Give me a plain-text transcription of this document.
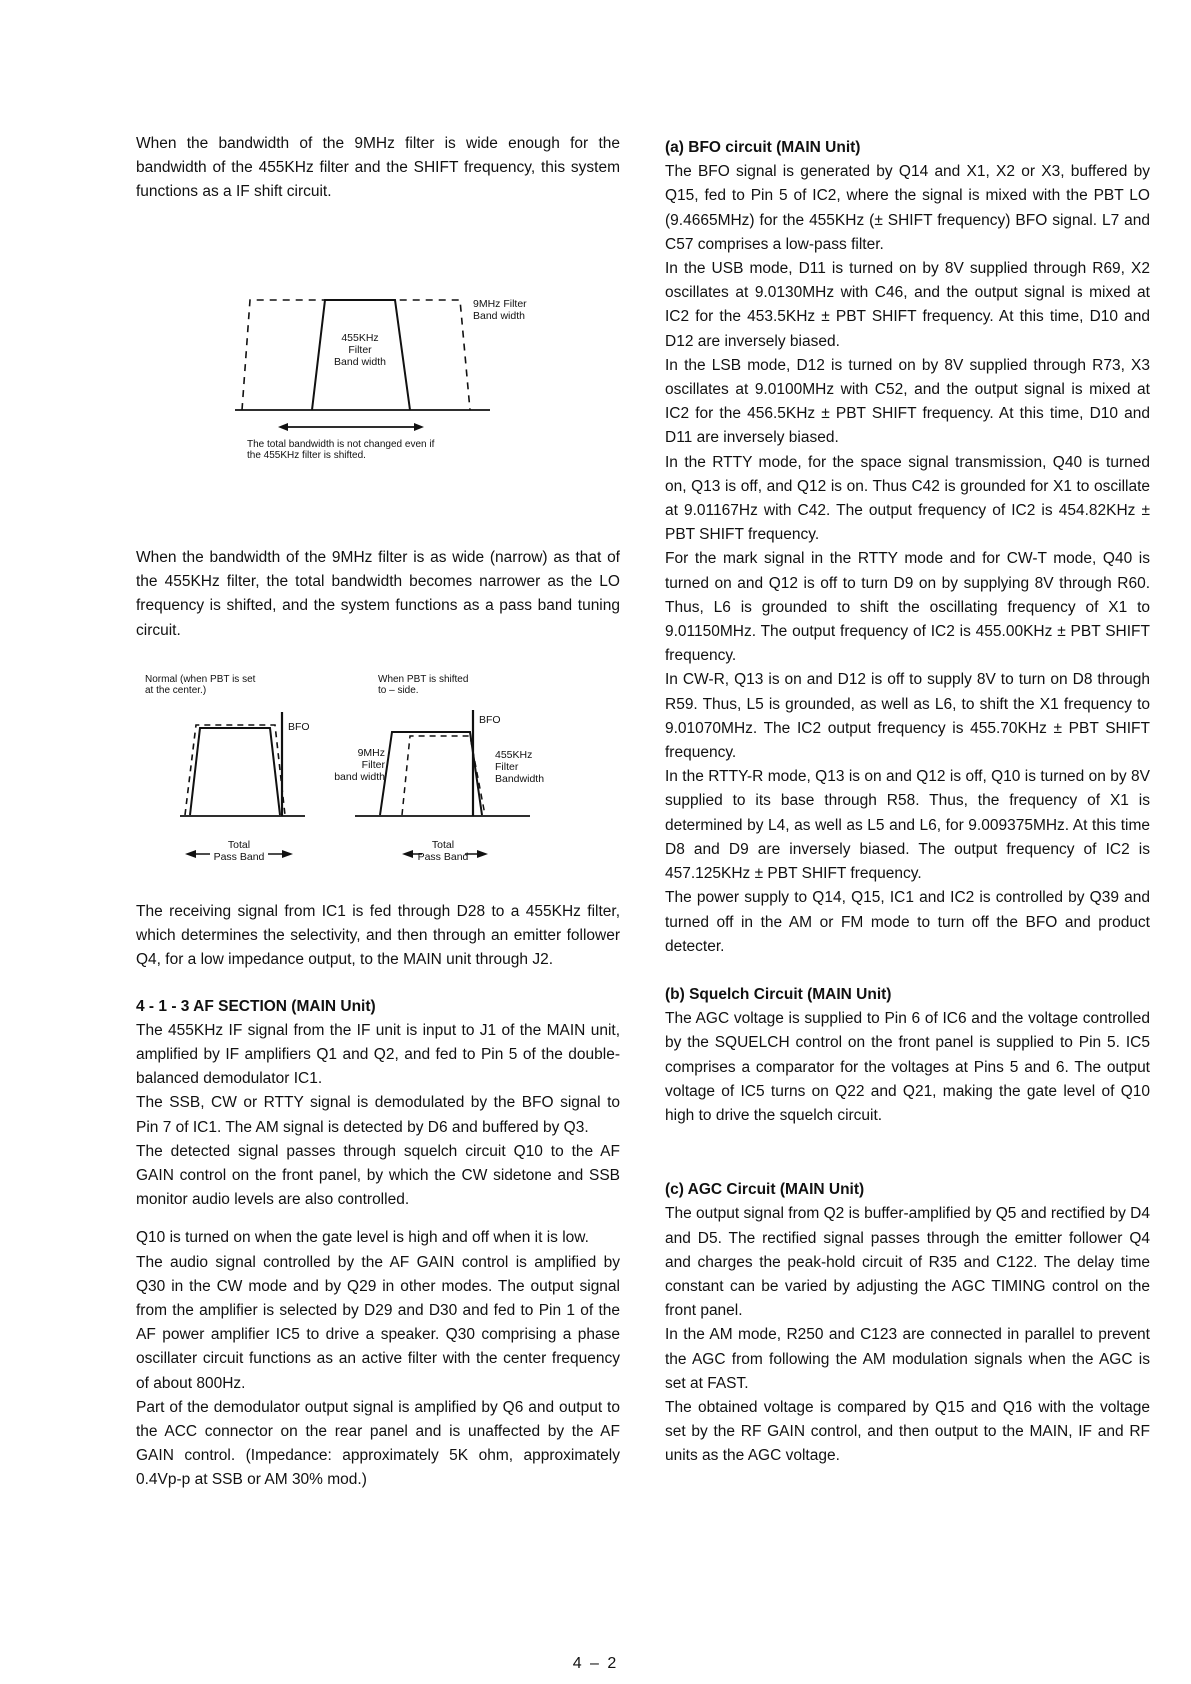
When the bandwidth of the 9MHz filter is wide enough for the bandwidth of the 455KHz filter and the SHIFT frequency, this system functions as a IF shift circuit.

9MHz Filter
Band width
455KHz
Filter
Band width
The total bandwidth is not changed even if
the 455KHz filter is shifted.

When the bandwidth of the 9MHz filter is as wide (narrow) as that of the 455KHz filter, the total bandwidth becomes narrower as the LO frequency is shifted, and the system functions as a pass band tuning circuit.

Normal (when PBT is set
at the center.)
When PBT is shifted
to – side.
BFO
Total
Pass Band
BFO
9MHz
Filter
band width
455KHz
Filter
Bandwidth
Total
Pass Band

The receiving signal from IC1 is fed through D28 to a 455KHz filter, which determines the selectivity, and then through an emitter follower Q4, for a low impedance output, to the MAIN unit through J2.

4 - 1 - 3 AF SECTION (MAIN Unit)

The 455KHz IF signal from the IF unit is input to J1 of the MAIN unit, amplified by IF amplifiers Q1 and Q2, and fed to Pin 5 of the double-balanced demodulator IC1.

The SSB, CW or RTTY signal is demodulated by the BFO signal to Pin 7 of IC1. The AM signal is detected by D6 and buffered by Q3.

The detected signal passes through squelch circuit Q10 to the AF GAIN control on the front panel, by which the CW sidetone and SSB monitor audio levels are also controlled.

Q10 is turned on when the gate level is high and off when it is low.

The audio signal controlled by the AF GAIN control is amplified by Q30 in the CW mode and by Q29 in other modes. The output signal from the amplifier is selected by D29 and D30 and fed to Pin 1 of the AF power amplifier IC5 to drive a speaker. Q30 comprising a phase oscillater circuit functions as an active filter with the center frequency of about 800Hz.

Part of the demodulator output signal is amplified by Q6 and output to the ACC connector on the rear panel and is unaffected by the AF GAIN control. (Impedance: approximately 5K ohm, approximately 0.4Vp-p at SSB or AM 30% mod.)

(a) BFO circuit (MAIN Unit)

The BFO signal is generated by Q14 and X1, X2 or X3, buffered by Q15, fed to Pin 5 of IC2, where the signal is mixed with the PBT LO (9.4665MHz) for the 455KHz (± SHIFT frequency) BFO signal. L7 and C57 comprises a low-pass filter.

In the USB mode, D11 is turned on by 8V supplied through R69, X2 oscillates at 9.0130MHz with C46, and the output signal is mixed at IC2 for the 453.5KHz ± PBT SHIFT frequency. At this time, D10 and D12 are inversely biased.

In the LSB mode, D12 is turned on by 8V supplied through R73, X3 oscillates at 9.0100MHz with C52, and the output signal is mixed at IC2 for the 456.5KHz ± PBT SHIFT frequency. At this time, D10 and D11 are inversely biased.

In the RTTY mode, for the space signal transmission, Q40 is turned on, Q13 is off, and Q12 is on. Thus C42 is grounded for X1 to oscillate at 9.01167Hz with C42. The output frequency of IC2 is 454.82KHz ± PBT SHIFT frequency.

For the mark signal in the RTTY mode and for CW-T mode, Q40 is turned on and Q12 is off to turn D9 on by supplying 8V through R60. Thus, L6 is grounded to shift the oscillating frequency of X1 to 9.01150MHz. The output frequency of IC2 is 455.00KHz ± PBT SHIFT frequency.

In CW-R, Q13 is on and D12 is off to supply 8V to turn on D8 through R59. Thus, L5 is grounded, as well as L6, to shift the X1 frequency to 9.01070MHz. The IC2 output frequency is 455.70KHz ± PBT SHIFT frequency.

In the RTTY-R mode, Q13 is on and Q12 is off, Q10 is turned on by 8V supplied to its base through R58. Thus, the frequency of X1 is determined by L4, as well as L5 and L6, for 9.009375MHz. At this time D8 and D9 are inversely biased. The output frequency of IC2 is 457.125KHz ± PBT SHIFT frequency.

The power supply to Q14, Q15, IC1 and IC2 is controlled by Q39 and turned off in the AM or FM mode to turn off the BFO and product detecter.

(b) Squelch Circuit (MAIN Unit)

The AGC voltage is supplied to Pin 6 of IC6 and the voltage controlled by the SQUELCH control on the front panel is supplied to Pin 5. IC5 comprises a comparator for the voltages at Pins 5 and 6. The output voltage of IC5 turns on Q22 and Q21, making the gate level of Q10 high to drive the squelch circuit.

(c) AGC Circuit (MAIN Unit)

The output signal from Q2 is buffer-amplified by Q5 and rectified by D4 and D5. The rectified signal passes through the emitter follower Q4 and charges the peak-hold circuit of R35 and C122. The delay time constant can be varied by adjusting the AGC TIMING control on the front panel.

In the AM mode, R250 and C123 are connected in parallel to prevent the AGC from following the AM modulation signals when the AGC is set at FAST.

The obtained voltage is compared by Q15 and Q16 with the voltage set by the RF GAIN control, and then output to the MAIN, IF and RF units as the AGC voltage.

4 – 2
